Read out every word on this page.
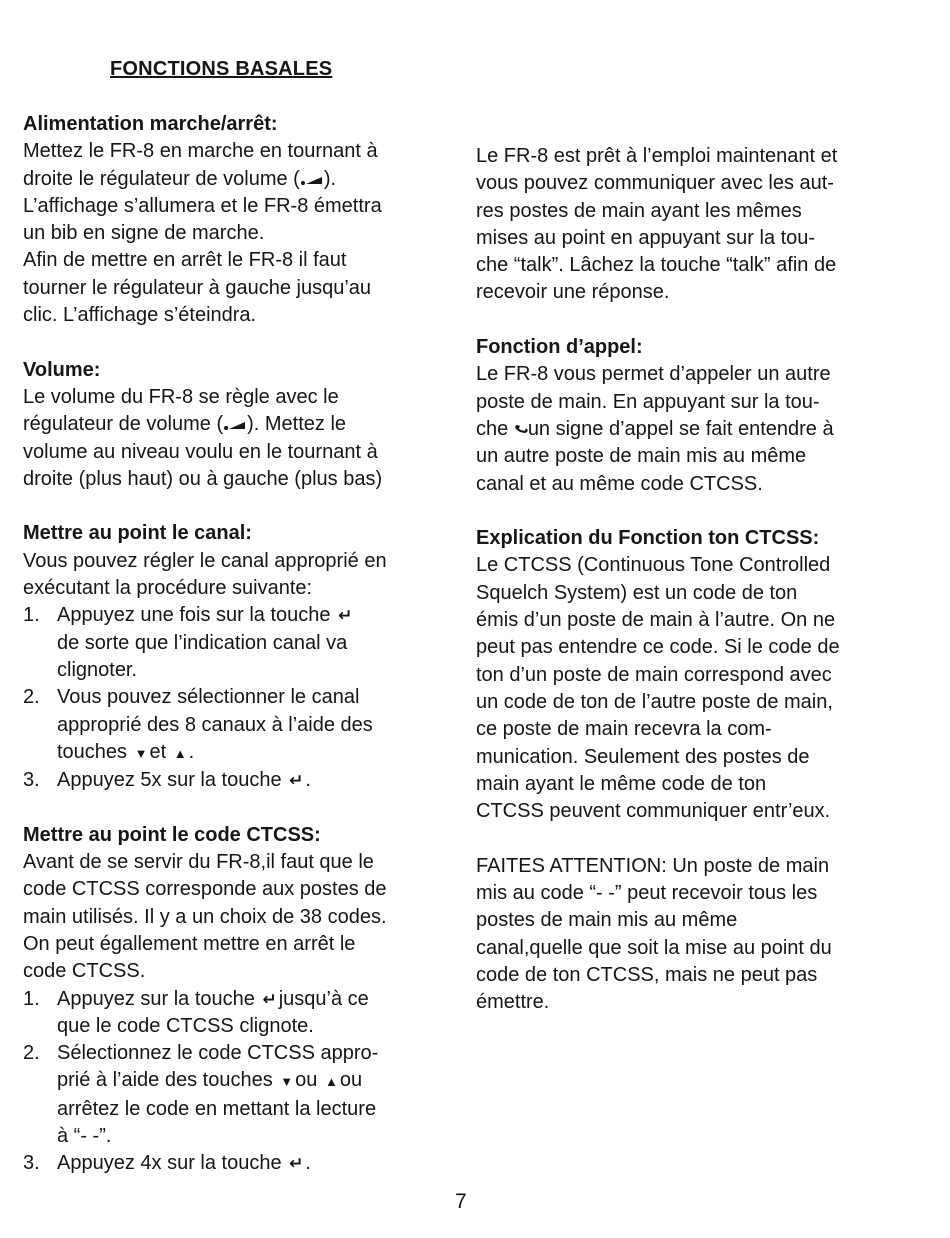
FONCTIONS BASALES
Alimentation marche/arrêt:
Mettez le FR-8 en marche en tournant à
droite le régulateur de volume ( ).
L’affichage s’allumera et le FR-8 émettra
un bib en signe de marche.
Afin de mettre en arrêt le FR-8 il faut
tourner le régulateur à gauche jusqu’au
clic. L’affichage s’éteindra.
Volume:
Le volume du FR-8 se règle avec le
régulateur de volume ( ). Mettez le
volume au niveau voulu en le tournant à
droite (plus haut) ou à gauche (plus bas)
Mettre au point le canal:
Vous pouvez régler le canal approprié en
exécutant la procédure suivante:
1. Appuyez une fois sur la touche ↵
de sorte que l’indication canal va
clignoter.
2. Vous pouvez sélectionner le canal
approprié des 8 canaux à l’aide des
touches ▼ et ▲ .
3. Appuyez 5x sur la touche ↵ .
Mettre au point le code CTCSS:
Avant de se servir du FR-8,il faut que le
code CTCSS corresponde aux postes de
main utilisés. Il y a un choix de 38 codes.
On peut égallement mettre en arrêt le
code CTCSS.
1. Appuyez sur la touche ↵ jusqu’à ce
que le code CTCSS clignote.
2. Sélectionnez le code CTCSS appro-
prié à l’aide des touches ▼ ou ▲ ou
arrêtez le code en mettant la lecture
à “- -”.
3. Appuyez 4x sur la touche ↵ .
Le FR-8 est prêt à l’emploi maintenant et
vous pouvez communiquer avec les aut-
res postes de main ayant les mêmes
mises au point en appuyant sur la tou-
che “talk”. Lâchez la touche “talk” afin de
recevoir une réponse.
Fonction d’appel:
Le FR-8 vous permet d’appeler un autre
poste de main. En appuyant sur la tou-
che un signe d’appel se fait entendre à
un autre poste de main mis au même
canal et au même code CTCSS.
Explication du Fonction ton CTCSS:
Le CTCSS (Continuous Tone Controlled
Squelch System) est un code de ton
émis d’un poste de main à l’autre. On ne
peut pas entendre ce code. Si le code de
ton d’un poste de main correspond avec
un code de ton de l’autre poste de main,
ce poste de main recevra la com-
munication. Seulement des postes de
main ayant le même code de ton
CTCSS peuvent communiquer entr’eux.
FAITES ATTENTION: Un poste de main
mis au code “- -” peut recevoir tous les
postes de main mis au même
canal,quelle que soit la mise au point du
code de ton CTCSS, mais ne peut pas
émettre.
7
